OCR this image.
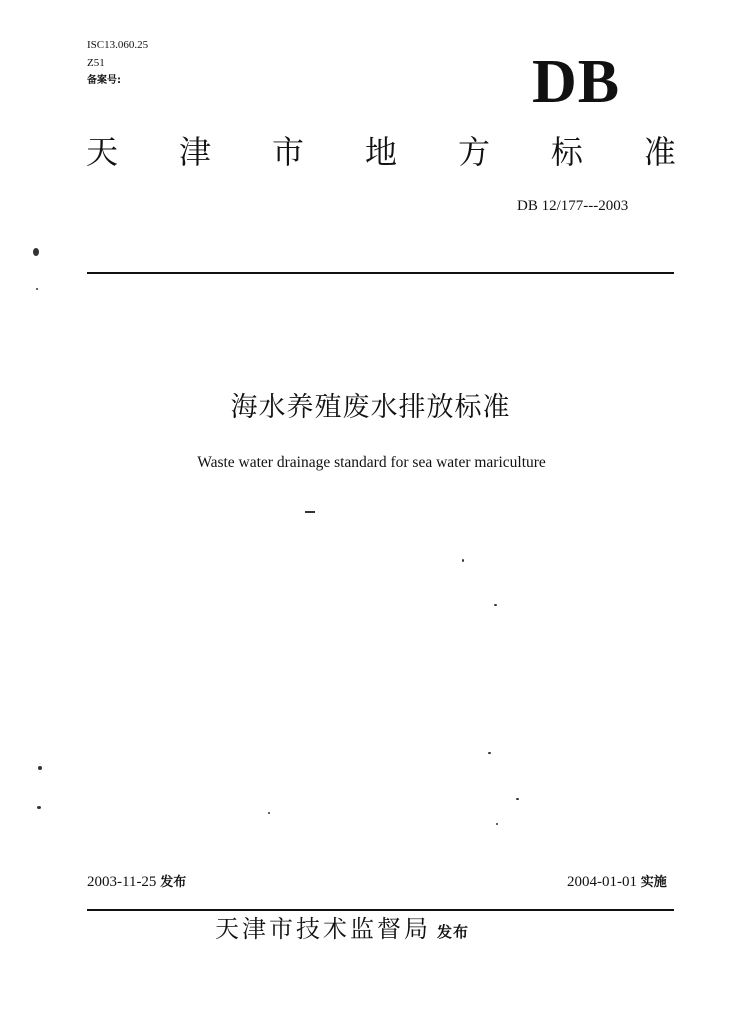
ISC13.060.25
Z51
备案号:	DB
天 津 市 地 方 标 准
DB 12/177---2003
海水养殖废水排放标准
Waste water drainage standard for sea water mariculture
2003-11-25 发布	2004-01-01 实施
天津市技术监督局 发布
